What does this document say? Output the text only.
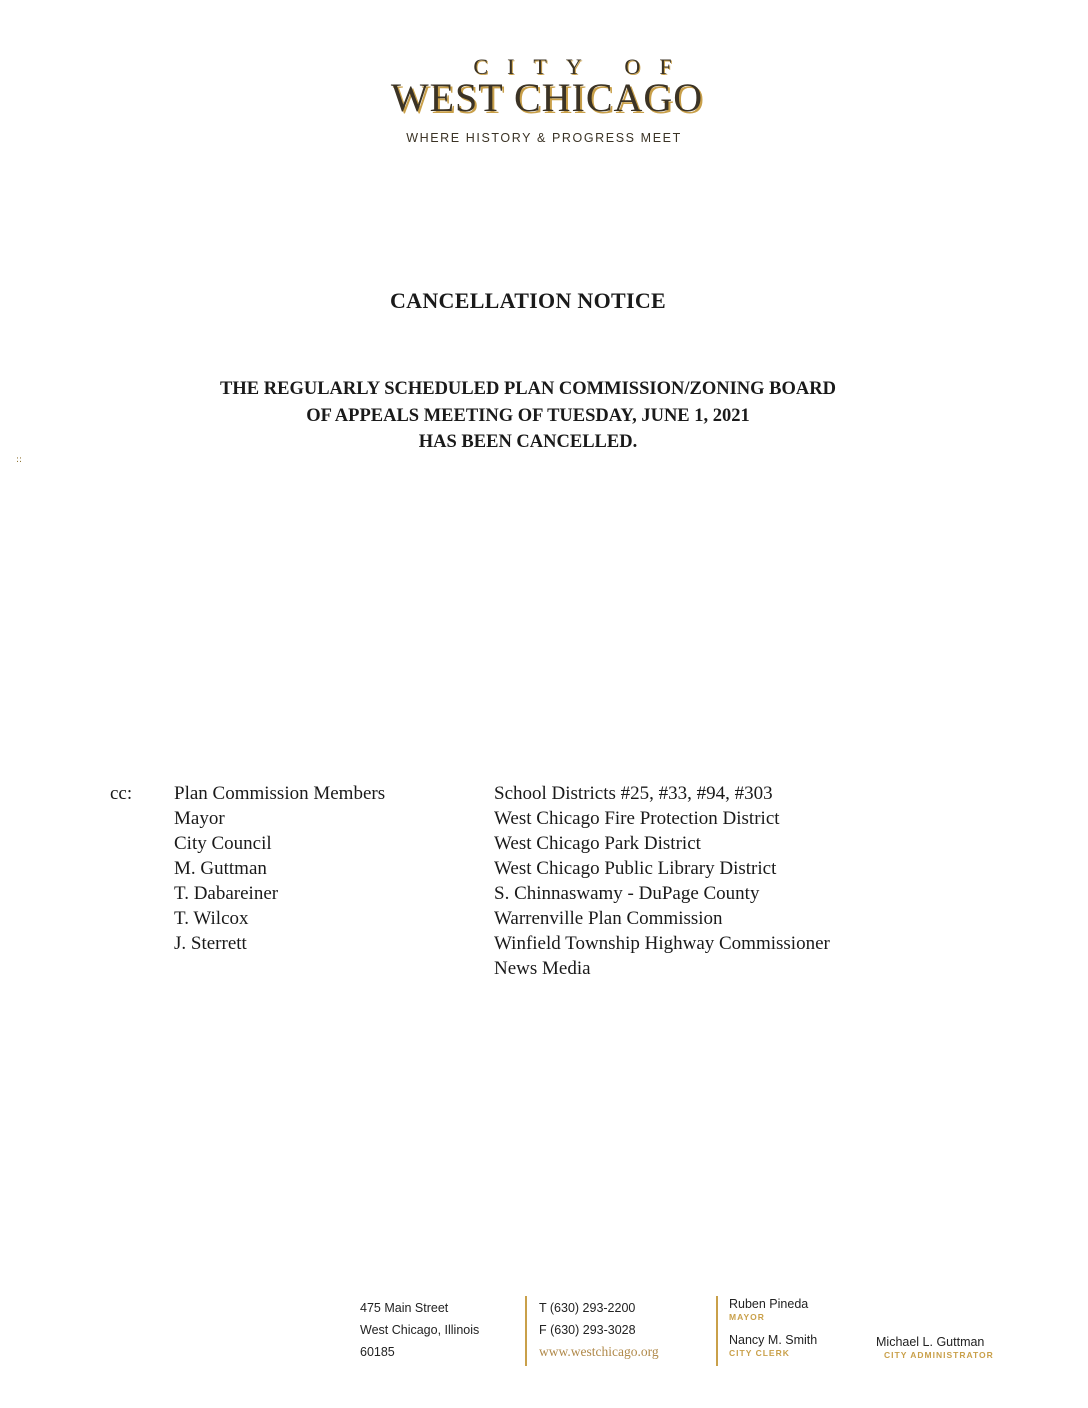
CITY OF
WEST CHICAGO
WHERE HISTORY & PROGRESS MEET
CANCELLATION NOTICE
THE REGULARLY SCHEDULED PLAN COMMISSION/ZONING BOARD
OF APPEALS MEETING OF TUESDAY, JUNE 1, 2021
HAS BEEN CANCELLED.
::
cc: Plan Commission Members
Mayor
City Council
M. Guttman
T. Dabareiner
T. Wilcox
J. Sterrett
School Districts #25, #33, #94, #303
West Chicago Fire Protection District
West Chicago Park District
West Chicago Public Library District
S. Chinnaswamy - DuPage County
Warrenville Plan Commission
Winfield Township Highway Commissioner
News Media
475 Main Street
West Chicago, Illinois
60185
T (630) 293-2200
F (630) 293-3028
www.westchicago.org
Ruben Pineda
MAYOR
Nancy M. Smith
CITY CLERK
Michael L. Guttman
CITY ADMINISTRATOR
